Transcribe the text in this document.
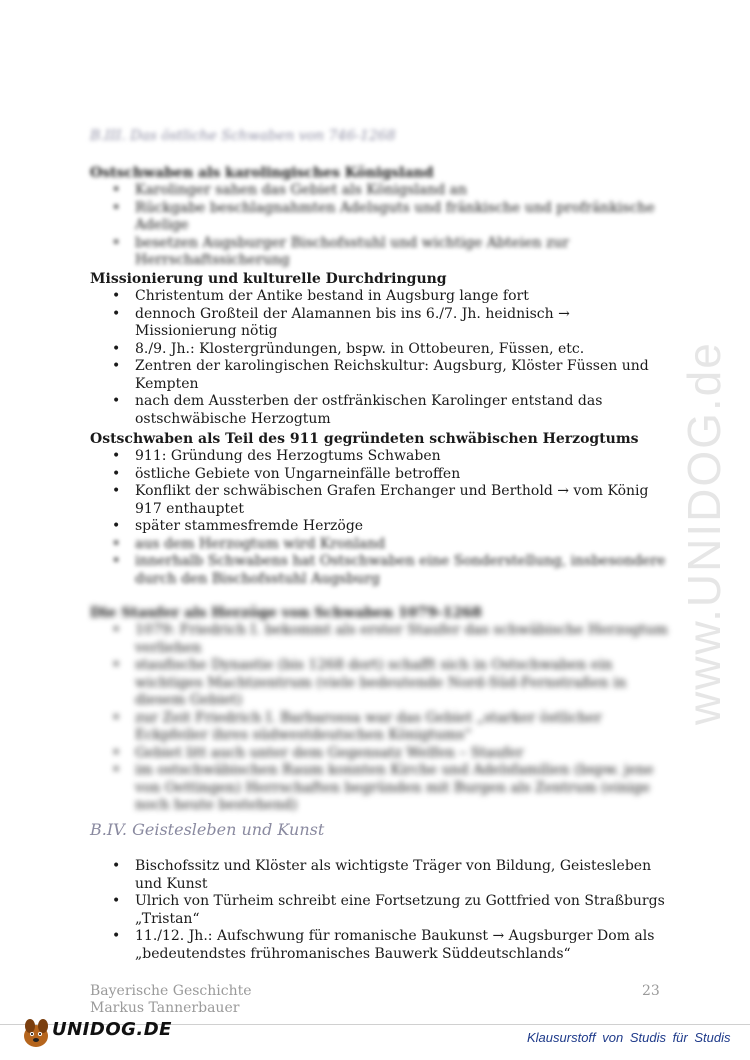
B.III. Das östliche Schwaben von 746-1268
Ostschwaben als karolingisches Königsland
• Karolinger sahen das Gebiet als Königsland an
• Rückgabe beschlagnahmten Adelsguts und fränkische und profränkische Adelige
• besetzen Augsburger Bischofsstuhl und wichtige Abteien zur Herrschaftssicherung
Missionierung und kulturelle Durchdringung
• Christentum der Antike bestand in Augsburg lange fort
• dennoch Großteil der Alamannen bis ins 6./7. Jh. heidnisch → Missionierung nötig
• 8./9. Jh.: Klostergründungen, bspw. in Ottobeuren, Füssen, etc.
• Zentren der karolingischen Reichskultur: Augsburg, Klöster Füssen und Kempten
• nach dem Aussterben der ostfränkischen Karolinger entstand das ostschwäbische Herzogtum
Ostschwaben als Teil des 911 gegründeten schwäbischen Herzogtums
• 911: Gründung des Herzogtums Schwaben
• östliche Gebiete von Ungarneinfälle betroffen
• Konflikt der schwäbischen Grafen Erchanger und Berthold → vom König 917 enthauptet
• später stammesfremde Herzöge
• aus dem Herzogtum wird Kronland
• innerhalb Schwabens hat Ostschwaben eine Sonderstellung, insbesondere durch den Bischofsstuhl Augsburg
Die Staufer als Herzöge von Schwaben 1079-1268
• 1079: Friedrich I. bekommt als erster Staufer das schwäbische Herzogtum verliehen
• staufische Dynastie (bis 1268 dort) schafft sich in Ostschwaben ein wichtiges Machtzentrum (viele bedeutende Nord-Süd-Fernstraßen in diesem Gebiet)
• zur Zeit Friedrich I. Barbarossa war das Gebiet „starker östlicher Eckpfeiler ihres südwestdeutschen Königtums“
• Gebiet litt auch unter dem Gegensatz Welfen – Staufer
• im ostschwäbischen Raum konnten Kirche und Adelsfamilien (bspw. jene von Oettingen) Herrschaften begründen mit Burgen als Zentrum (einige noch heute bestehend)
B.IV. Geistesleben und Kunst
• Bischofssitz und Klöster als wichtigste Träger von Bildung, Geistesleben und Kunst
• Ulrich von Türheim schreibt eine Fortsetzung zu Gottfried von Straßburgs „Tristan“
• 11./12. Jh.: Aufschwung für romanische Baukunst → Augsburger Dom als „bedeutendstes frühromanisches Bauwerk Süddeutschlands“
www.UNIDOG.de
Bayerische Geschichte
Markus Tannerbauer
23
UNIDOG.DE	Klausurstoff von Studis für Studis
